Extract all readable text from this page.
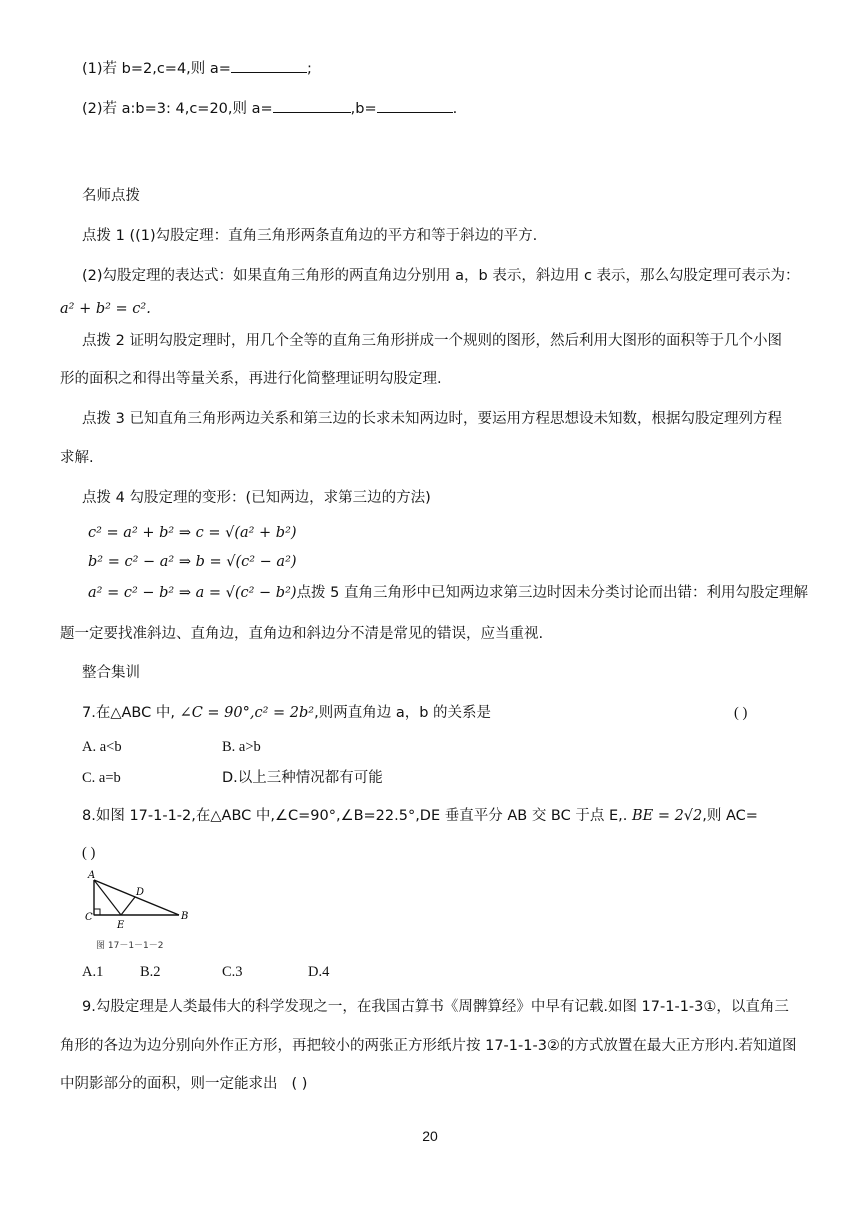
(1)若 b=2,c=4,则 a=	;
(2)若 a:b=3: 4,c=20,则 a=	,b=	.
名师点拨
点拨 1 ((1)勾股定理：直角三角形两条直角边的平方和等于斜边的平方.
(2)勾股定理的表达式：如果直角三角形的两直角边分别用 a，b 表示，斜边用 c 表示，那么勾股定理可表示为：
a² + b² = c².
点拨 2 证明勾股定理时，用几个全等的直角三角形拼成一个规则的图形，然后利用大图形的面积等于几个小图
形的面积之和得出等量关系，再进行化简整理证明勾股定理.
点拨 3 已知直角三角形两边关系和第三边的长求未知两边时，要运用方程思想设未知数，根据勾股定理列方程
求解.
点拨 4 勾股定理的变形：(已知两边，求第三边的方法)
c² = a² + b² ⇒ c = √(a² + b²)
b² = c² − a² ⇒ b = √(c² − a²)
a² = c² − b² ⇒ a = √(c² − b²)点拨 5 直角三角形中已知两边求第三边时因未分类讨论而出错：利用勾股定理解
题一定要找准斜边、直角边，直角边和斜边分不清是常见的错误，应当重视.
整合集训
7.在△ABC 中, ∠C = 90°,c² = 2b²,则两直角边 a，b 的关系是	( )
A. a<b	B. a>b
C. a=b	D.以上三种情况都有可能
8.如图 17-1-1-2,在△ABC 中,∠C=90°,∠B=22.5°,DE 垂直平分 AB 交 BC 于点 E,. BE = 2√2,则 AC=
( )
A
C
D
E
B
图 17－1－1－2
A.1	B.2	C.3	D.4
9.勾股定理是人类最伟大的科学发现之一，在我国古算书《周髀算经》中早有记载.如图 17-1-1-3①，以直角三
角形的各边为边分别向外作正方形，再把较小的两张正方形纸片按 17-1-1-3②的方式放置在最大正方形内.若知道图
中阴影部分的面积，则一定能求出 ( )
20
